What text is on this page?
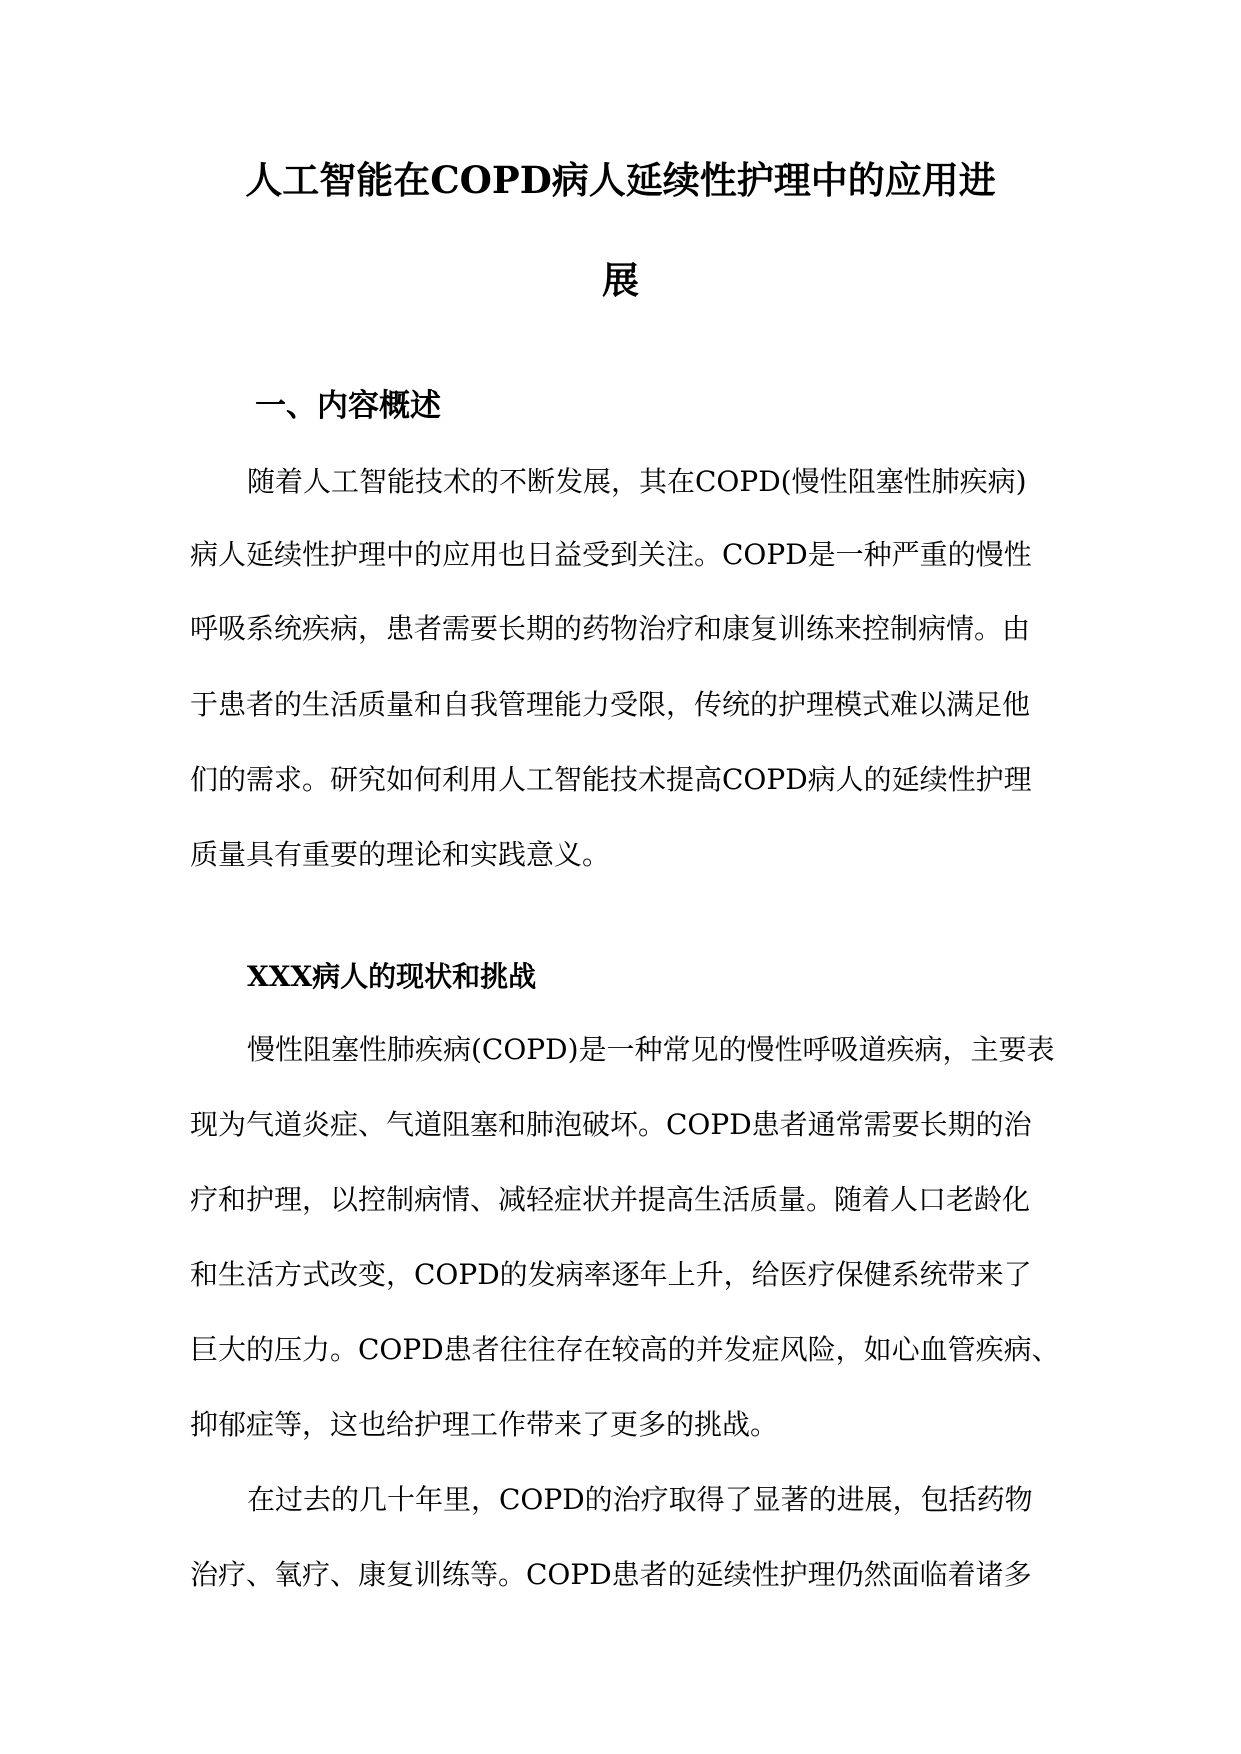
人工智能在COPD病人延续性护理中的应用进
展
一、内容概述
随着人工智能技术的不断发展，其在COPD(慢性阻塞性肺疾病)
病人延续性护理中的应用也日益受到关注。COPD是一种严重的慢性
呼吸系统疾病，患者需要长期的药物治疗和康复训练来控制病情。由
于患者的生活质量和自我管理能力受限，传统的护理模式难以满足他
们的需求。研究如何利用人工智能技术提高COPD病人的延续性护理
质量具有重要的理论和实践意义。
XXX病人的现状和挑战
慢性阻塞性肺疾病(COPD)是一种常见的慢性呼吸道疾病，主要表
现为气道炎症、气道阻塞和肺泡破坏。COPD患者通常需要长期的治
疗和护理，以控制病情、减轻症状并提高生活质量。随着人口老龄化
和生活方式改变，COPD的发病率逐年上升，给医疗保健系统带来了
巨大的压力。COPD患者往往存在较高的并发症风险，如心血管疾病、
抑郁症等，这也给护理工作带来了更多的挑战。
在过去的几十年里，COPD的治疗取得了显著的进展，包括药物
治疗、氧疗、康复训练等。COPD患者的延续性护理仍然面临着诸多
